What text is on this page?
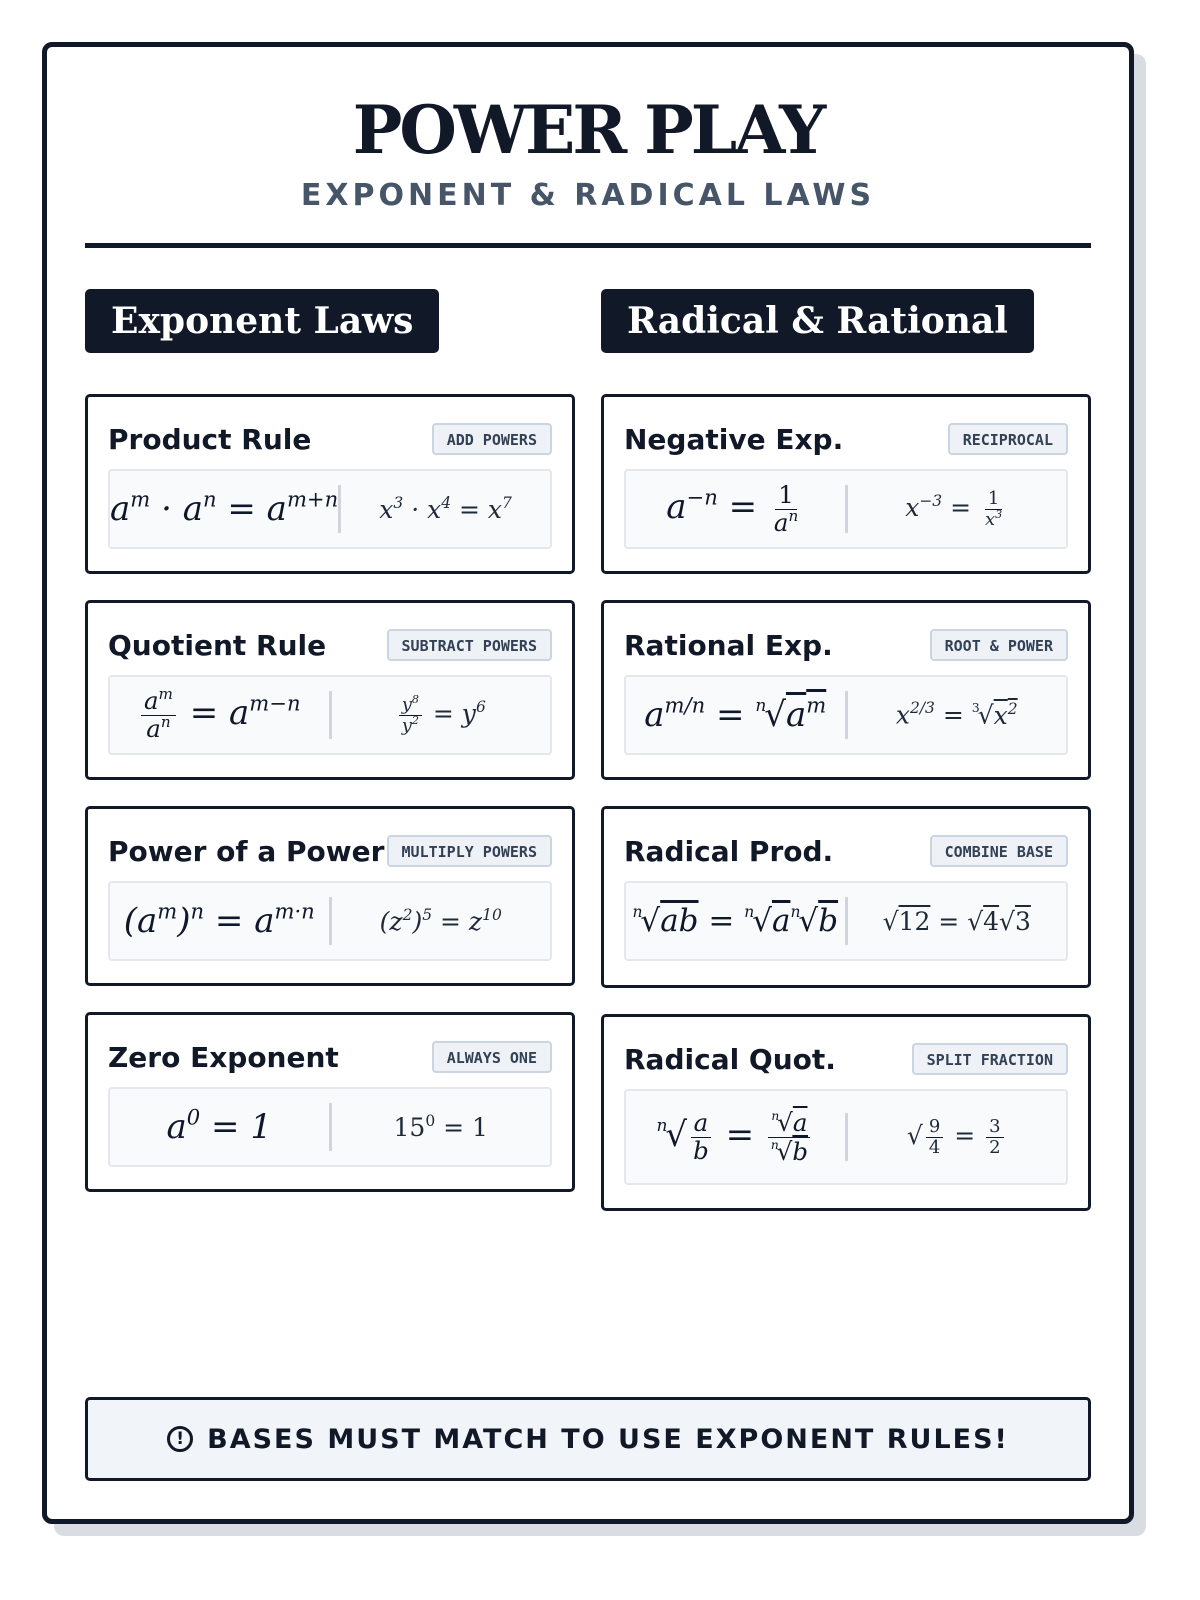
POWER PLAY
EXPONENT & RADICAL LAWS
Exponent Laws	Radical & Rational
Product Rule	ADD POWERS
$a^m \cdot a^n = a^{m+n}$	$x^3 \cdot x^4 = x^7$
Quotient Rule	SUBTRACT POWERS
$\frac{a^m}{a^n} = a^{m-n}$	$\frac{y^8}{y^2} = y^6$
Power of a Power	MULTIPLY POWERS
$(a^m)^n = a^{m\cdot n}$	$(z^2)^5 = z^{10}$
Zero Exponent	ALWAYS ONE
$a^0 = 1$	$15^0 = 1$
Negative Exp.	RECIPROCAL
$a^{-n} = \frac{1}{a^n}$	$x^{-3} = \frac{1}{x^3}$
Rational Exp.	ROOT & POWER
$a^{m/n} = ^n√a^m$	$x^{2/3} = ^3√x^2$
Radical Prod.	COMBINE BASE
$^n√ab = ^n√a^n√b$	√12 = √4√3
Radical Quot.	SPLIT FRACTION
$^n√ \frac{a}{b} = \frac{^n√a}{^n√b}$	√ $\frac{9}{4} = \frac{3}{2}$
! BASES MUST MATCH TO USE EXPONENT RULES!
